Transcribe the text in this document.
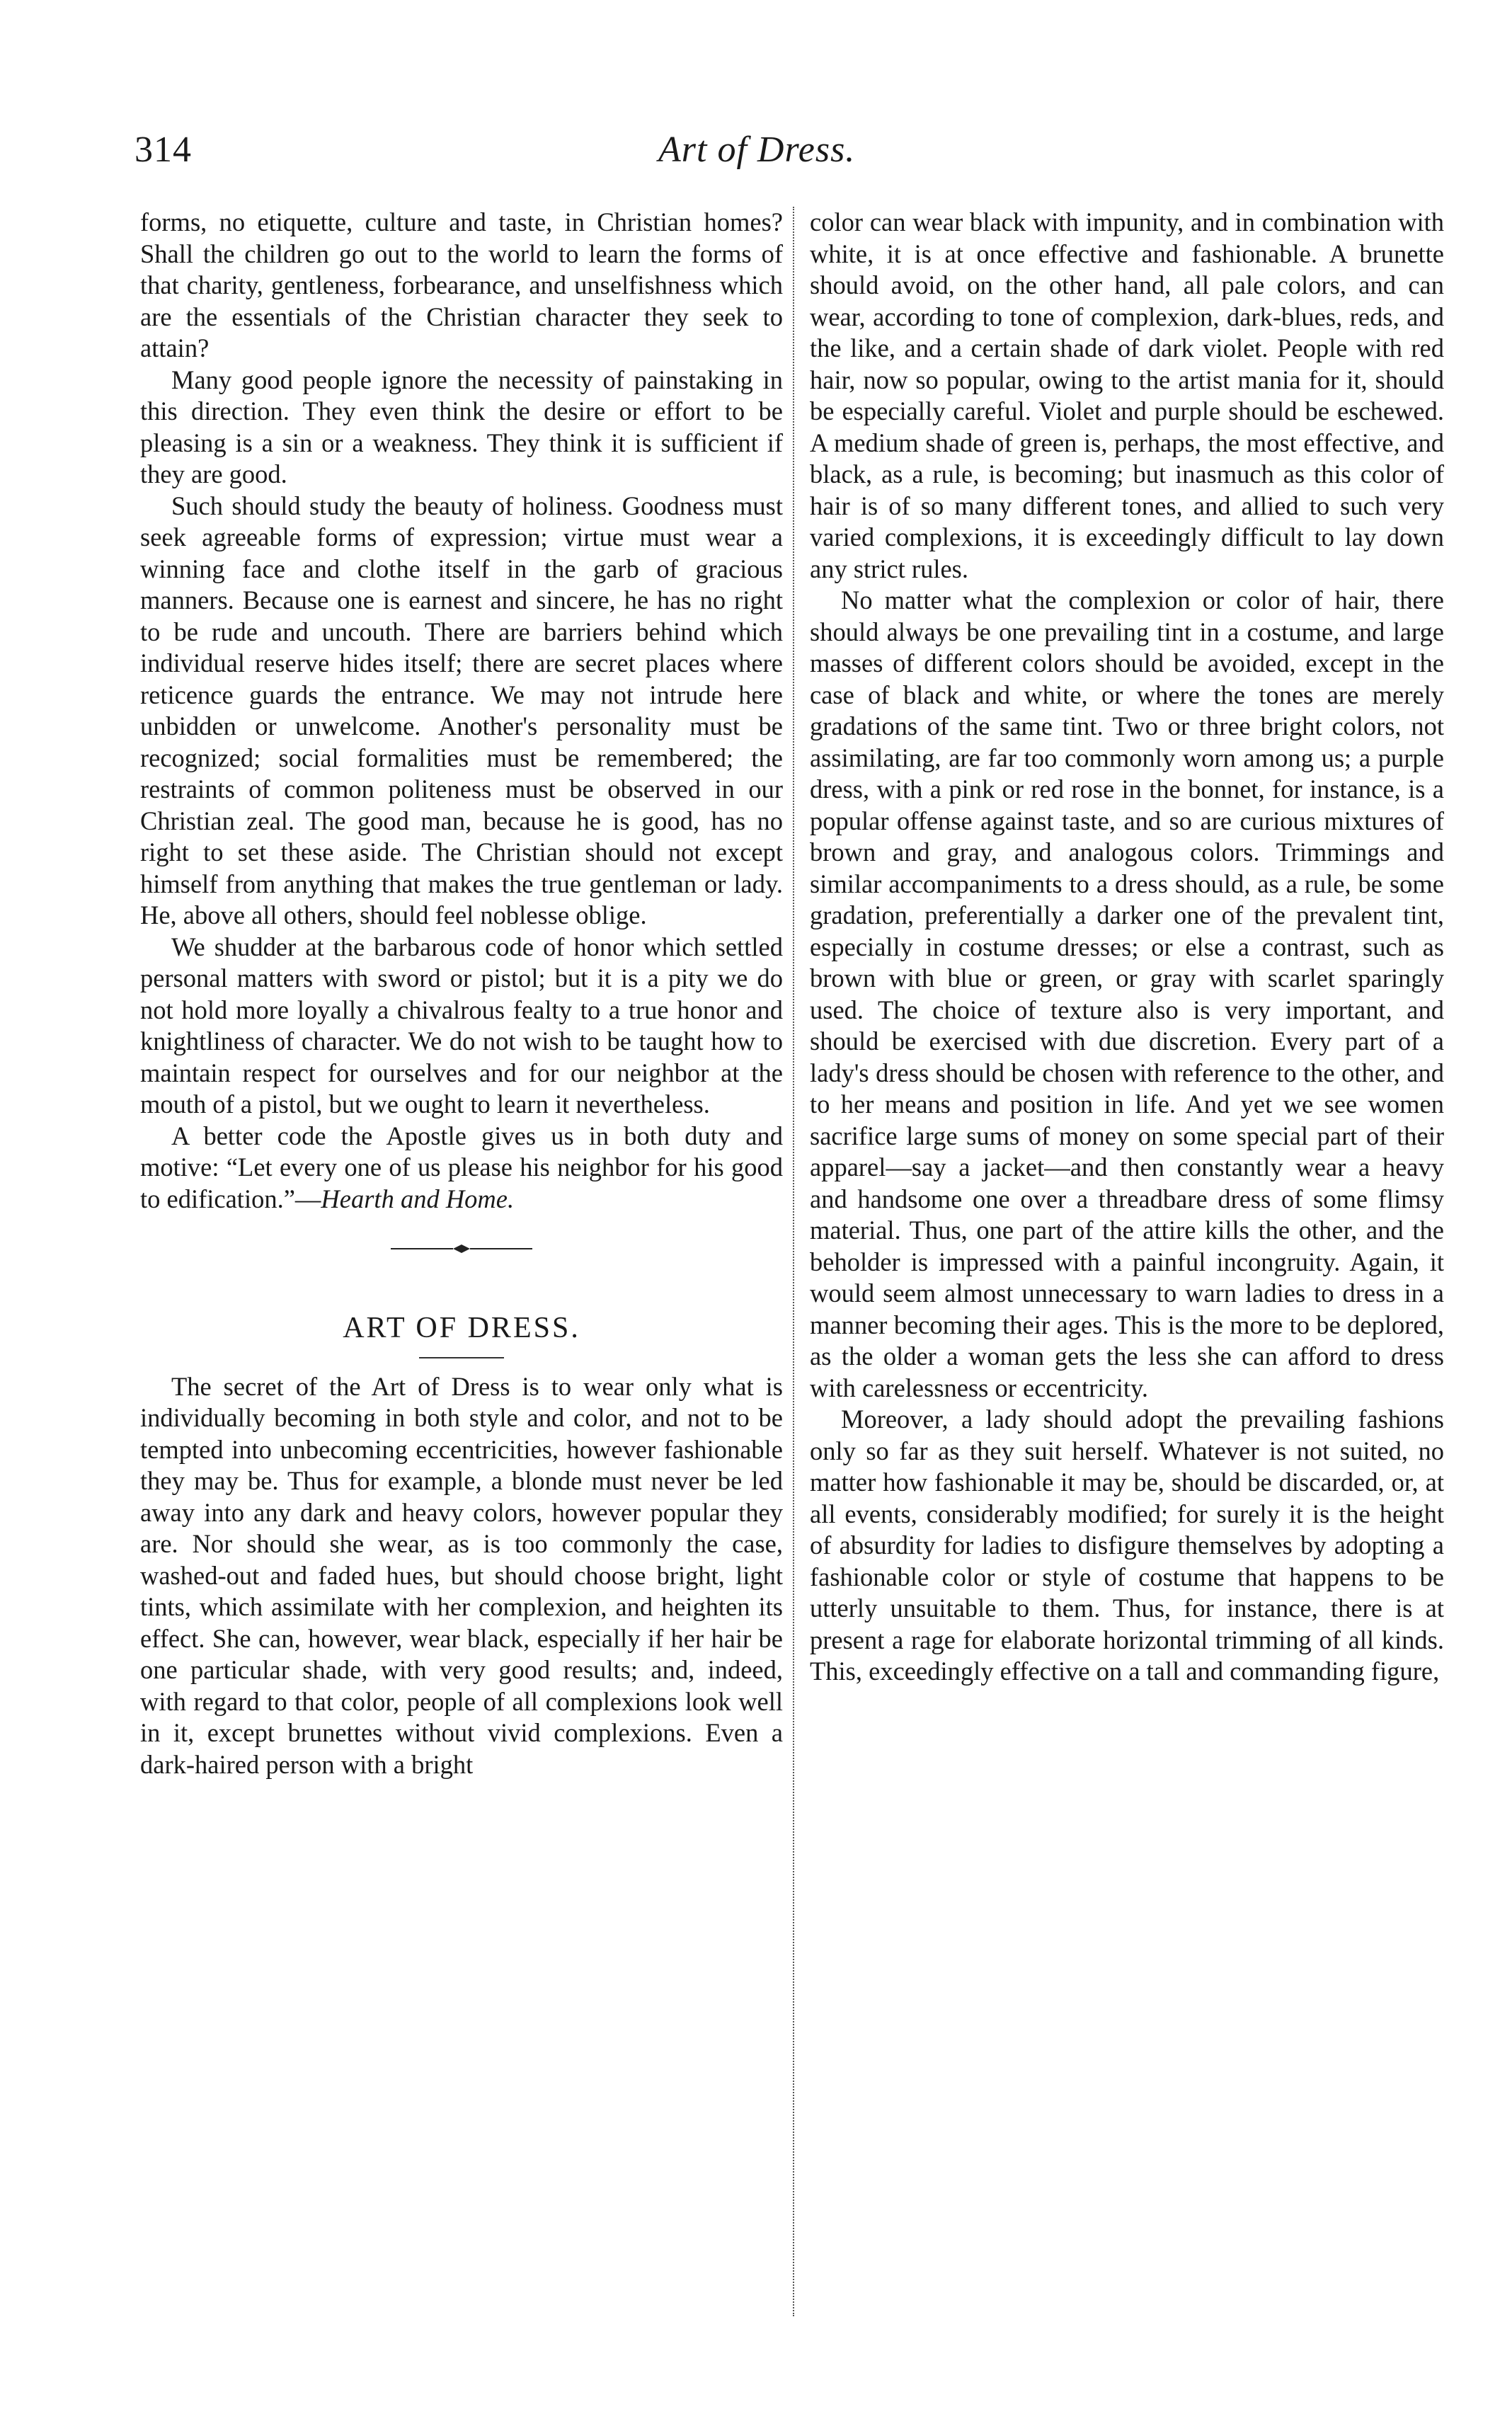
314	Art of Dress.

forms, no etiquette, culture and taste, in Christian homes? Shall the children go out to the world to learn the forms of that charity, gentleness, forbearance, and unselfishness which are the essentials of the Christian character they seek to attain?

Many good people ignore the necessity of painstaking in this direction. They even think the desire or effort to be pleasing is a sin or a weakness. They think it is sufficient if they are good.

Such should study the beauty of holiness. Goodness must seek agreeable forms of expression; virtue must wear a winning face and clothe itself in the garb of gracious manners. Because one is earnest and sincere, he has no right to be rude and uncouth. There are barriers behind which individual reserve hides itself; there are secret places where reticence guards the entrance. We may not intrude here unbidden or unwelcome. Another's personality must be recognized; social formalities must be remembered; the restraints of common politeness must be observed in our Christian zeal. The good man, because he is good, has no right to set these aside. The Christian should not except himself from anything that makes the true gentleman or lady. He, above all others, should feel noblesse oblige.

We shudder at the barbarous code of honor which settled personal matters with sword or pistol; but it is a pity we do not hold more loyally a chivalrous fealty to a true honor and knightliness of character. We do not wish to be taught how to maintain respect for ourselves and for our neighbor at the mouth of a pistol, but we ought to learn it nevertheless.

A better code the Apostle gives us in both duty and motive: “Let every one of us please his neighbor for his good to edification.”—Hearth and Home.

ART OF DRESS.

The secret of the Art of Dress is to wear only what is individually becoming in both style and color, and not to be tempted into unbecoming eccentricities, however fashionable they may be. Thus for example, a blonde must never be led away into any dark and heavy colors, however popular they are. Nor should she wear, as is too commonly the case, washed-out and faded hues, but should choose bright, light tints, which assimilate with her complexion, and heighten its effect. She can, however, wear black, especially if her hair be one particular shade, with very good results; and, indeed, with regard to that color, people of all complexions look well in it, except brunettes without vivid complexions. Even a dark-haired person with a bright

color can wear black with impunity, and in combination with white, it is at once effective and fashionable. A brunette should avoid, on the other hand, all pale colors, and can wear, according to tone of complexion, dark-blues, reds, and the like, and a certain shade of dark violet. People with red hair, now so popular, owing to the artist mania for it, should be especially careful. Violet and purple should be eschewed. A medium shade of green is, perhaps, the most effective, and black, as a rule, is becoming; but inasmuch as this color of hair is of so many different tones, and allied to such very varied complexions, it is exceedingly difficult to lay down any strict rules.

No matter what the complexion or color of hair, there should always be one prevailing tint in a costume, and large masses of different colors should be avoided, except in the case of black and white, or where the tones are merely gradations of the same tint. Two or three bright colors, not assimilating, are far too commonly worn among us; a purple dress, with a pink or red rose in the bonnet, for instance, is a popular offense against taste, and so are curious mixtures of brown and gray, and analogous colors. Trimmings and similar accompaniments to a dress should, as a rule, be some gradation, preferentially a darker one of the prevalent tint, especially in costume dresses; or else a contrast, such as brown with blue or green, or gray with scarlet sparingly used. The choice of texture also is very important, and should be exercised with due discretion. Every part of a lady's dress should be chosen with reference to the other, and to her means and position in life. And yet we see women sacrifice large sums of money on some special part of their apparel—say a jacket—and then constantly wear a heavy and handsome one over a threadbare dress of some flimsy material. Thus, one part of the attire kills the other, and the beholder is impressed with a painful incongruity. Again, it would seem almost unnecessary to warn ladies to dress in a manner becoming their ages. This is the more to be deplored, as the older a woman gets the less she can afford to dress with carelessness or eccentricity.

Moreover, a lady should adopt the prevailing fashions only so far as they suit herself. Whatever is not suited, no matter how fashionable it may be, should be discarded, or, at all events, considerably modified; for surely it is the height of absurdity for ladies to disfigure themselves by adopting a fashionable color or style of costume that happens to be utterly unsuitable to them. Thus, for instance, there is at present a rage for elaborate horizontal trimming of all kinds. This, exceedingly effective on a tall and commanding figure,
